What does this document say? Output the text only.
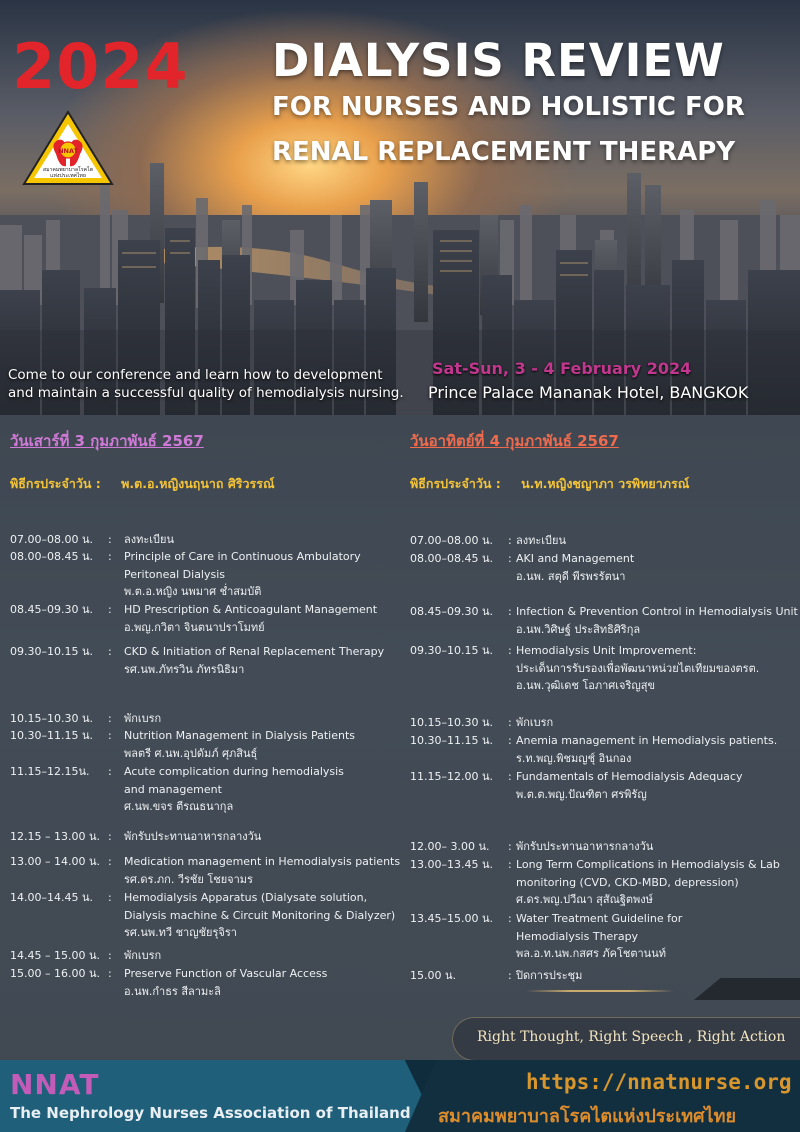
2024 DIALYSIS REVIEW
FOR NURSES AND HOLISTIC FOR
RENAL REPLACEMENT THERAPY
NNAT
สมาคมพยาบาลโรคไต
แห่งประเทศไทย
Come to our conference and learn how to development
and maintain a successful quality of hemodialysis nursing.
Sat-Sun, 3 - 4 February 2024
Prince Palace Mananak Hotel, BANGKOK
วันเสาร์ที่ 3 กุมภาพันธ์ 2567
พิธีกรประจำวัน : พ.ต.อ.หญิงนฤนาถ ศิริวรรณ์
07.00–08.00 น. : ลงทะเบียน
08.00–08.45 น. : Principle of Care in Continuous Ambulatory
Peritoneal Dialysis
พ.ต.อ.หญิง นพมาศ ช่ำสมบัติ
08.45–09.30 น. : HD Prescription & Anticoagulant Management
อ.พญ.กวิตา จินตนาปราโมทย์
09.30–10.15 น. : CKD & Initiation of Renal Replacement Therapy
รศ.นพ.ภัทรวิน ภัทรนิธิมา
10.15–10.30 น. : พักเบรก
10.30–11.15 น. : Nutrition Management in Dialysis Patients
พลตรี ศ.นพ.อุปดัมภ์ ศุภสินธุ์
11.15–12.15น. : Acute complication during hemodialysis
and management
ศ.นพ.ขจร ตีรณธนากุล
12.15 – 13.00 น. : พักรับประทานอาหารกลางวัน
13.00 – 14.00 น. : Medication management in Hemodialysis patients
รศ.ดร.ภก. วีรชัย โชยจามร
14.00–14.45 น. : Hemodialysis Apparatus (Dialysate solution,
Dialysis machine & Circuit Monitoring & Dialyzer)
รศ.นพ.ทวี ชาญชัยรุจิรา
14.45 – 15.00 น. : พักเบรก
15.00 – 16.00 น. : Preserve Function of Vascular Access
อ.นพ.กำธร สีลามะลิ
วันอาทิตย์ที่ 4 กุมภาพันธ์ 2567
พิธีกรประจำวัน : น.ท.หญิงชญาภา วรพิทยาภรณ์
07.00–08.00 น. : ลงทะเบียน
08.00–08.45 น. : AKI and Management
อ.นพ. สตุดี พีรพรรัตนา
08.45–09.30 น. : Infection & Prevention Control in Hemodialysis Unit
อ.นพ.วิศิษฐ์ ประสิทธิศิริกุล
09.30–10.15 น. : Hemodialysis Unit Improvement:
ประเด็นการรับรองเพื่อพัฒนาหน่วยไตเทียมของตรต.
อ.นพ.วุฒิเดช โอภาศเจริญสุข
10.15–10.30 น. : พักเบรก
10.30–11.15 น. : Anemia management in Hemodialysis patients.
ร.ท.พญ.พิชมญชุ์ อินกอง
11.15–12.00 น. : Fundamentals of Hemodialysis Adequacy
พ.ต.ต.พญ.ปัณฑิตา ศรพิรัญ
12.00– 3.00 น. : พักรับประทานอาหารกลางวัน
13.00–13.45 น. : Long Term Complications in Hemodialysis & Lab
monitoring (CVD, CKD-MBD, depression)
ศ.ดร.พญ.ปวีณา สุสัณฐิตพงษ์
13.45–15.00 น. : Water Treatment Guideline for
Hemodialysis Therapy
พล.อ.ท.นพ.กสศร ภัคโชตานนท์
15.00 น.	: ปิดการประชุม
Right Thought, Right Speech , Right Action
NNAT
The Nephrology Nurses Association of Thailand
https://nnatnurse.org
สมาคมพยาบาลโรคไตแห่งประเทศไทย
